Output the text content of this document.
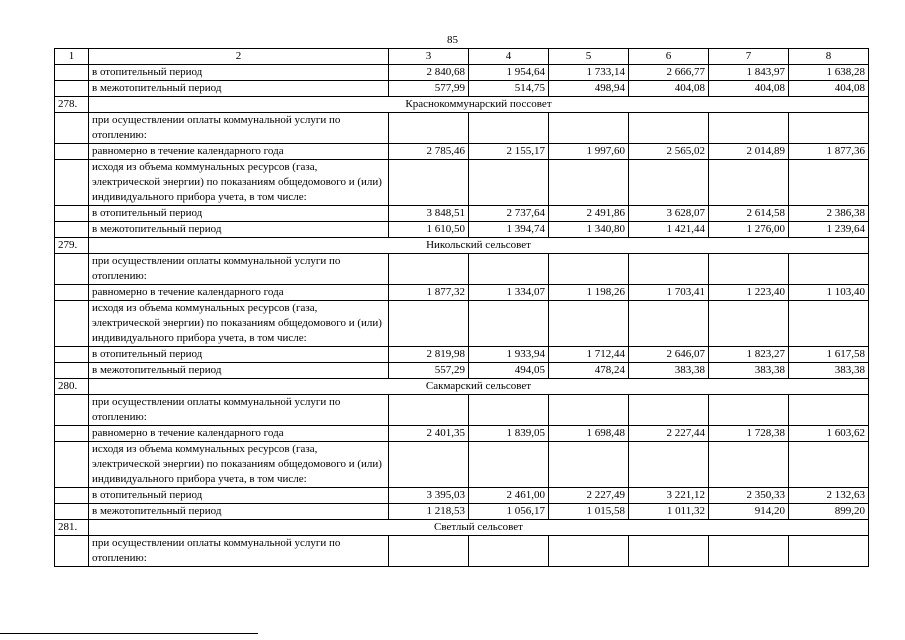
85
1	2	3	4	5	6	7	8
	в отопительный период	2 840,68	1 954,64	1 733,14	2 666,77	1 843,97	1 638,28
	в межотопительный период	577,99	514,75	498,94	404,08	404,08	404,08
278.	Краснокоммунарский поссовет						
	при осуществлении оплаты коммунальной услуги по отоплению:						
	равномерно в течение календарного года	2 785,46	2 155,17	1 997,60	2 565,02	2 014,89	1 877,36
	исходя из объема коммунальных ресурсов (газа, электрической энергии) по показаниям общедомового и (или) индивидуального прибора учета, в том числе:						
	в отопительный период	3 848,51	2 737,64	2 491,86	3 628,07	2 614,58	2 386,38
	в межотопительный период	1 610,50	1 394,74	1 340,80	1 421,44	1 276,00	1 239,64
279.	Никольский сельсовет						
	при осуществлении оплаты коммунальной услуги по отоплению:						
	равномерно в течение календарного года	1 877,32	1 334,07	1 198,26	1 703,41	1 223,40	1 103,40
	исходя из объема коммунальных ресурсов (газа, электрической энергии) по показаниям общедомового и (или) индивидуального прибора учета, в том числе:						
	в отопительный период	2 819,98	1 933,94	1 712,44	2 646,07	1 823,27	1 617,58
	в межотопительный период	557,29	494,05	478,24	383,38	383,38	383,38
280.	Сакмарский сельсовет						
	при осуществлении оплаты коммунальной услуги по отоплению:						
	равномерно в течение календарного года	2 401,35	1 839,05	1 698,48	2 227,44	1 728,38	1 603,62
	исходя из объема коммунальных ресурсов (газа, электрической энергии) по показаниям общедомового и (или) индивидуального прибора учета, в том числе:						
	в отопительный период	3 395,03	2 461,00	2 227,49	3 221,12	2 350,33	2 132,63
	в межотопительный период	1 218,53	1 056,17	1 015,58	1 011,32	914,20	899,20
281.	Светлый сельсовет						
	при осуществлении оплаты коммунальной услуги по отоплению:						
